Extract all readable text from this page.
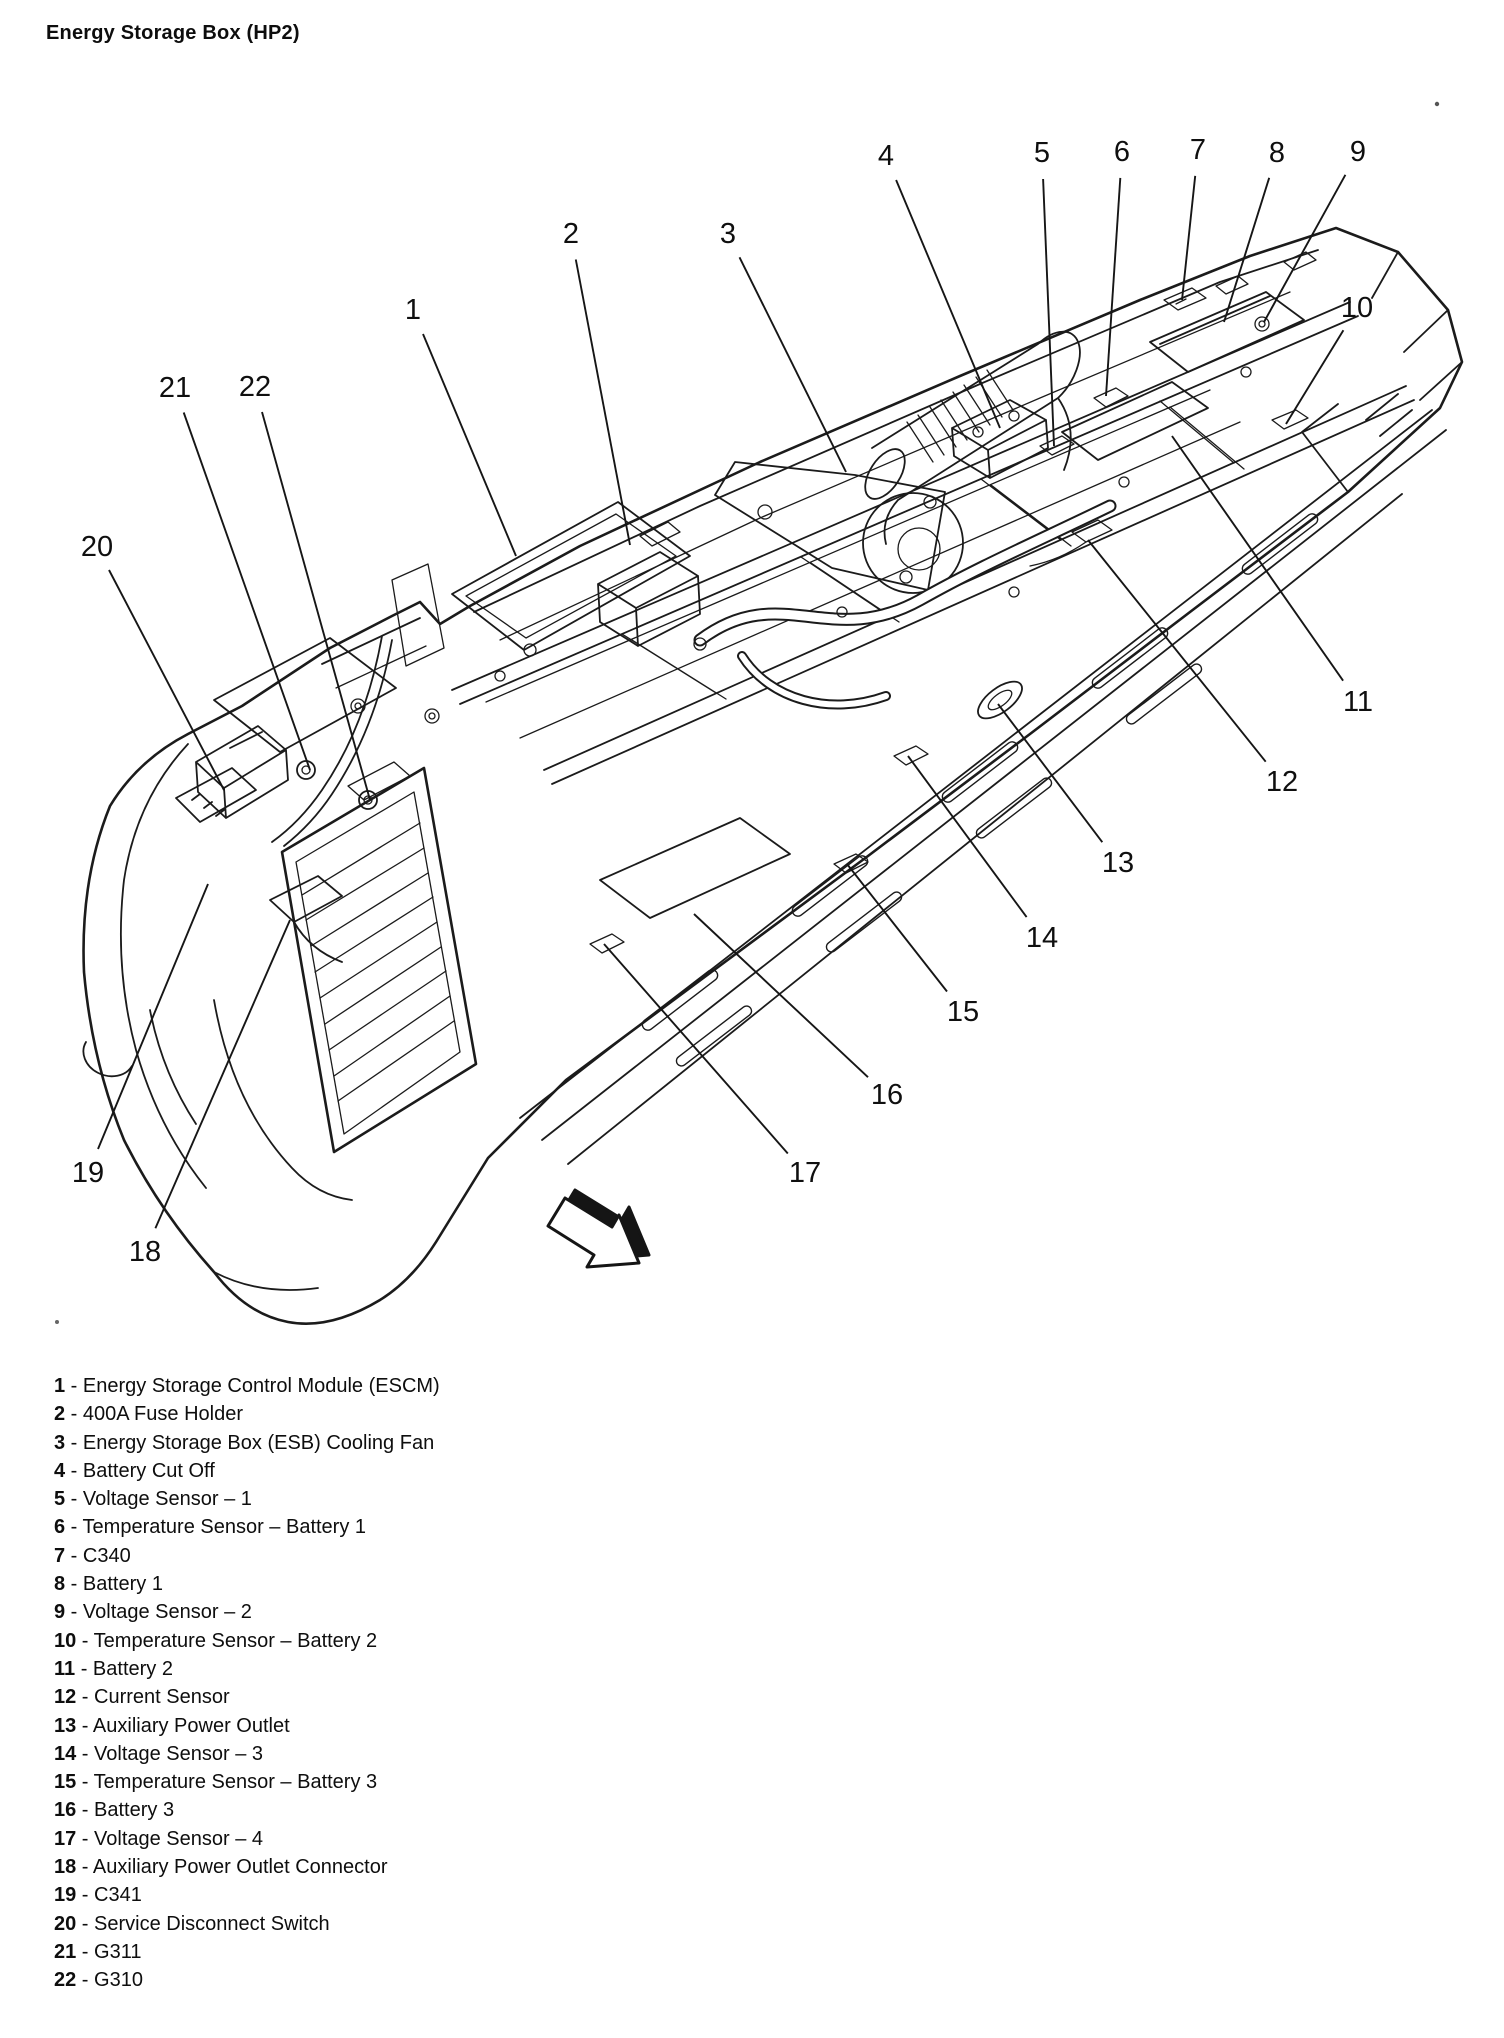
Energy Storage Box (HP2)
1
2	3
4	5 6 7 8 9
10
11
12
13
14
15
16
17
18
19
20
21 22
1 - Energy Storage Control Module (ESCM)
2 - 400A Fuse Holder
3 - Energy Storage Box (ESB) Cooling Fan
4 - Battery Cut Off
5 - Voltage Sensor – 1
6 - Temperature Sensor – Battery 1
7 - C340
8 - Battery 1
9 - Voltage Sensor – 2
10 - Temperature Sensor – Battery 2
11 - Battery 2
12 - Current Sensor
13 - Auxiliary Power Outlet
14 - Voltage Sensor – 3
15 - Temperature Sensor – Battery 3
16 - Battery 3
17 - Voltage Sensor – 4
18 - Auxiliary Power Outlet Connector
19 - C341
20 - Service Disconnect Switch
21 - G311
22 - G310
